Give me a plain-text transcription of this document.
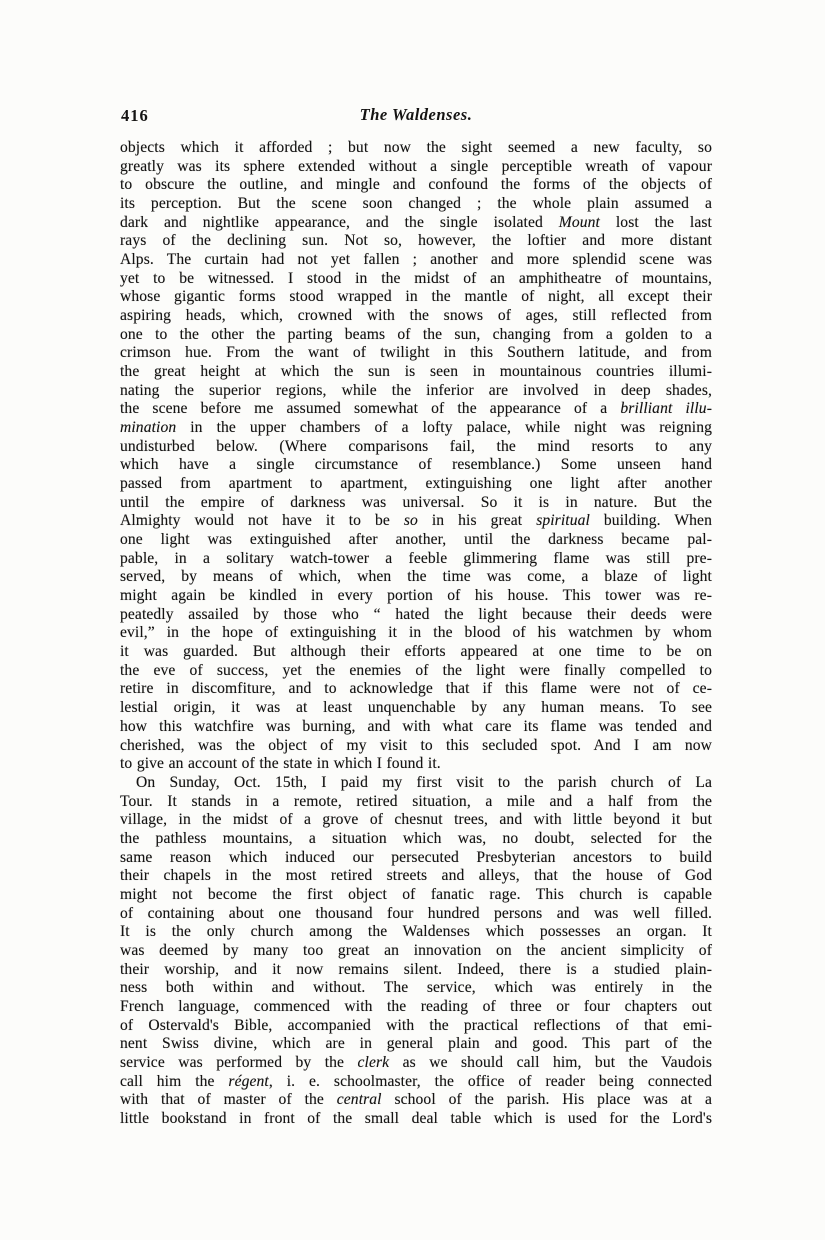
416	The Waldenses.
objects which it afforded ; but now the sight seemed a new faculty, so
greatly was its sphere extended without a single perceptible wreath of vapour
to obscure the outline, and mingle and confound the forms of the objects of
its perception. But the scene soon changed ; the whole plain assumed a
dark and nightlike appearance, and the single isolated Mount lost the last
rays of the declining sun. Not so, however, the loftier and more distant
Alps. The curtain had not yet fallen ; another and more splendid scene was
yet to be witnessed. I stood in the midst of an amphitheatre of mountains,
whose gigantic forms stood wrapped in the mantle of night, all except their
aspiring heads, which, crowned with the snows of ages, still reflected from
one to the other the parting beams of the sun, changing from a golden to a
crimson hue. From the want of twilight in this Southern latitude, and from
the great height at which the sun is seen in mountainous countries illumi-
nating the superior regions, while the inferior are involved in deep shades,
the scene before me assumed somewhat of the appearance of a brilliant illu-
mination in the upper chambers of a lofty palace, while night was reigning
undisturbed below. (Where comparisons fail, the mind resorts to any
which have a single circumstance of resemblance.) Some unseen hand
passed from apartment to apartment, extinguishing one light after another
until the empire of darkness was universal. So it is in nature. But the
Almighty would not have it to be so in his great spiritual building. When
one light was extinguished after another, until the darkness became pal-
pable, in a solitary watch-tower a feeble glimmering flame was still pre-
served, by means of which, when the time was come, a blaze of light
might again be kindled in every portion of his house. This tower was re-
peatedly assailed by those who “ hated the light because their deeds were
evil,” in the hope of extinguishing it in the blood of his watchmen by whom
it was guarded. But although their efforts appeared at one time to be on
the eve of success, yet the enemies of the light were finally compelled to
retire in discomfiture, and to acknowledge that if this flame were not of ce-
lestial origin, it was at least unquenchable by any human means. To see
how this watchfire was burning, and with what care its flame was tended and
cherished, was the object of my visit to this secluded spot. And I am now
to give an account of the state in which I found it.
On Sunday, Oct. 15th, I paid my first visit to the parish church of La
Tour. It stands in a remote, retired situation, a mile and a half from the
village, in the midst of a grove of chesnut trees, and with little beyond it but
the pathless mountains, a situation which was, no doubt, selected for the
same reason which induced our persecuted Presbyterian ancestors to build
their chapels in the most retired streets and alleys, that the house of God
might not become the first object of fanatic rage. This church is capable
of containing about one thousand four hundred persons and was well filled.
It is the only church among the Waldenses which possesses an organ. It
was deemed by many too great an innovation on the ancient simplicity of
their worship, and it now remains silent. Indeed, there is a studied plain-
ness both within and without. The service, which was entirely in the
French language, commenced with the reading of three or four chapters out
of Ostervald's Bible, accompanied with the practical reflections of that emi-
nent Swiss divine, which are in general plain and good. This part of the
service was performed by the clerk as we should call him, but the Vaudois
call him the régent, i. e. schoolmaster, the office of reader being connected
with that of master of the central school of the parish. His place was at a
little bookstand in front of the small deal table which is used for the Lord's
